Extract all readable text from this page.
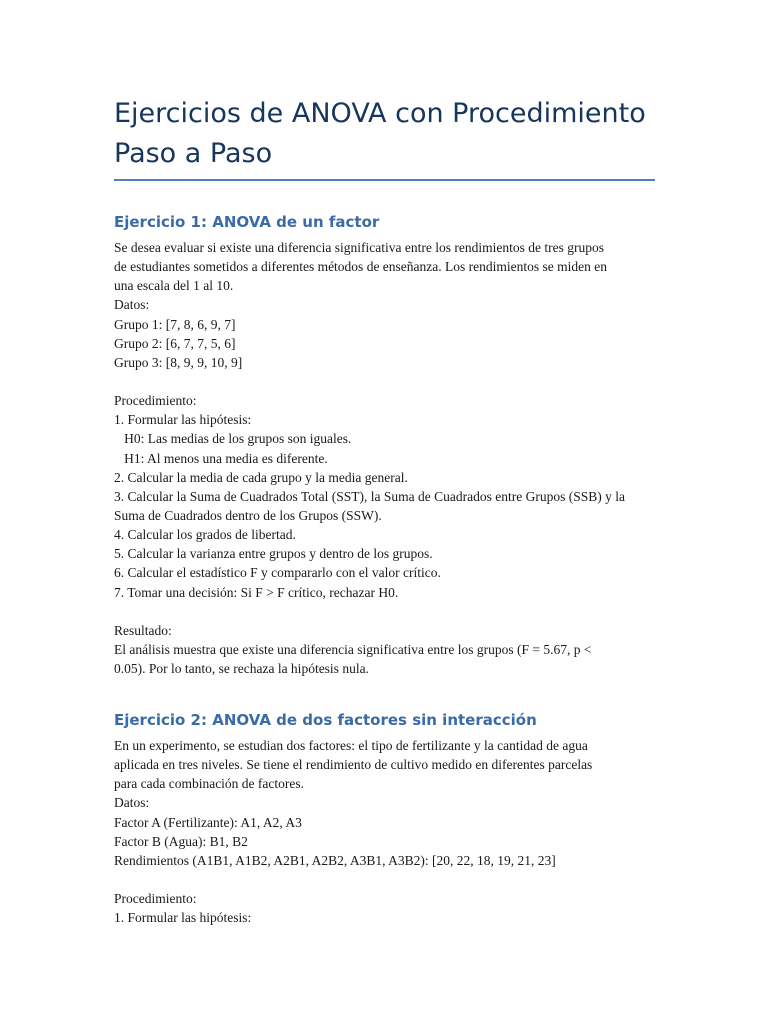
Ejercicios de ANOVA con Procedimiento
Paso a Paso
Ejercicio 1: ANOVA de un factor
Se desea evaluar si existe una diferencia significativa entre los rendimientos de tres grupos
de estudiantes sometidos a diferentes métodos de enseñanza. Los rendimientos se miden en
una escala del 1 al 10.
Datos:
Grupo 1: [7, 8, 6, 9, 7]
Grupo 2: [6, 7, 7, 5, 6]
Grupo 3: [8, 9, 9, 10, 9]
Procedimiento:
1. Formular las hipótesis:
H0: Las medias de los grupos son iguales.
H1: Al menos una media es diferente.
2. Calcular la media de cada grupo y la media general.
3. Calcular la Suma de Cuadrados Total (SST), la Suma de Cuadrados entre Grupos (SSB) y la
Suma de Cuadrados dentro de los Grupos (SSW).
4. Calcular los grados de libertad.
5. Calcular la varianza entre grupos y dentro de los grupos.
6. Calcular el estadístico F y compararlo con el valor crítico.
7. Tomar una decisión: Si F > F crítico, rechazar H0.
Resultado:
El análisis muestra que existe una diferencia significativa entre los grupos (F = 5.67, p <
0.05). Por lo tanto, se rechaza la hipótesis nula.
Ejercicio 2: ANOVA de dos factores sin interacción
En un experimento, se estudian dos factores: el tipo de fertilizante y la cantidad de agua
aplicada en tres niveles. Se tiene el rendimiento de cultivo medido en diferentes parcelas
para cada combinación de factores.
Datos:
Factor A (Fertilizante): A1, A2, A3
Factor B (Agua): B1, B2
Rendimientos (A1B1, A1B2, A2B1, A2B2, A3B1, A3B2): [20, 22, 18, 19, 21, 23]
Procedimiento:
1. Formular las hipótesis:
